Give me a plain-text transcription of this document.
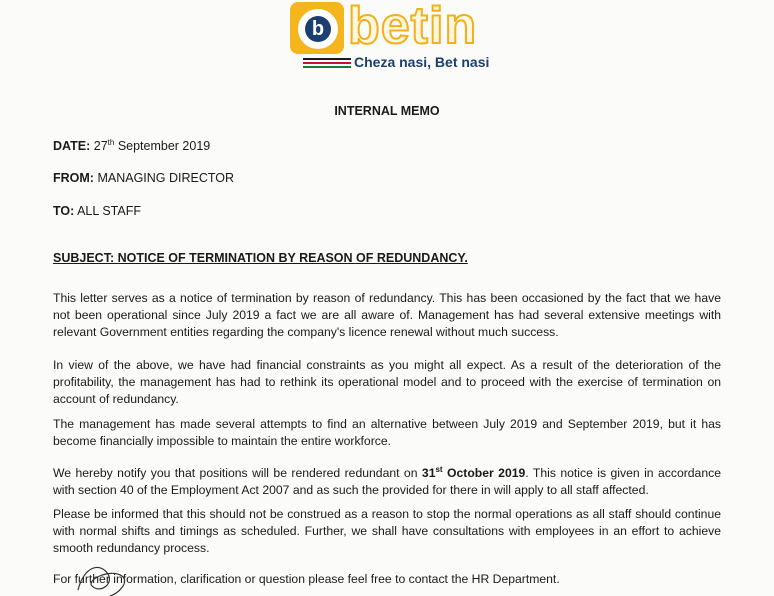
b betin
Cheza nasi, Bet nasi
INTERNAL MEMO
DATE: 27th September 2019
FROM: MANAGING DIRECTOR
TO: ALL STAFF
SUBJECT: NOTICE OF TERMINATION BY REASON OF REDUNDANCY.
This letter serves as a notice of termination by reason of redundancy. This has been occasioned by the fact that we have not been operational since July 2019 a fact we are all aware of. Management has had several extensive meetings with relevant Government entities regarding the company's licence renewal without much success.
In view of the above, we have had financial constraints as you might all expect. As a result of the deterioration of the profitability, the management has had to rethink its operational model and to proceed with the exercise of termination on account of redundancy.
The management has made several attempts to find an alternative between July 2019 and September 2019, but it has become financially impossible to maintain the entire workforce.
We hereby notify you that positions will be rendered redundant on 31st October 2019. This notice is given in accordance with section 40 of the Employment Act 2007 and as such the provided for there in will apply to all staff affected.
Please be informed that this should not be construed as a reason to stop the normal operations as all staff should continue with normal shifts and timings as scheduled. Further, we shall have consultations with employees in an effort to achieve smooth redundancy process.
For further information, clarification or question please feel free to contact the HR Department.
